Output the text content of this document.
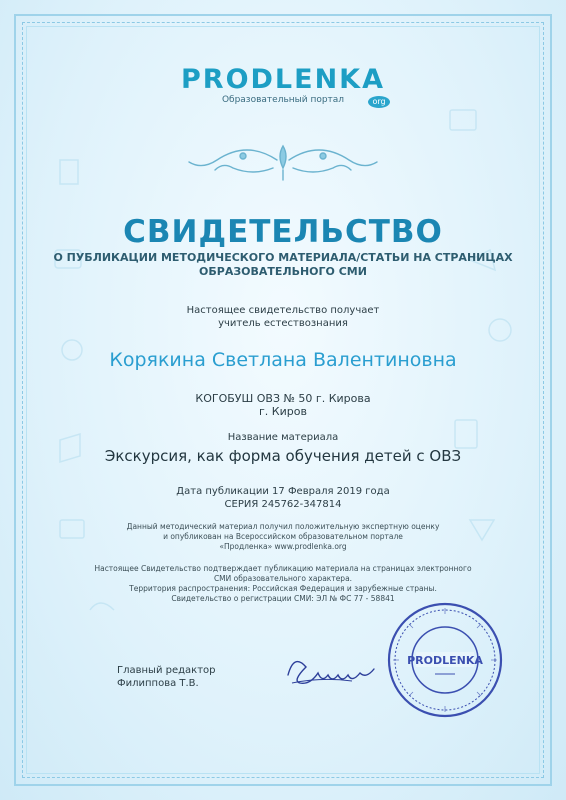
PRODLENKA
org
Образовательный портал
СВИДЕТЕЛЬСТВО
О ПУБЛИКАЦИИ МЕТОДИЧЕСКОГО МАТЕРИАЛА/СТАТЬИ НА СТРАНИЦАХ
ОБРАЗОВАТЕЛЬНОГО СМИ
Настоящее свидетельство получает
учитель естествознания
Корякина Светлана Валентиновна
КОГОБУШ ОВЗ № 50 г. Кирова
г. Киров
Название материала
Экскурсия, как форма обучения детей с ОВЗ
Дата публикации 17 Февраля 2019 года
СЕРИЯ 245762-347814
Данный методический материал получил положительную экспертную оценку
и опубликован на Всероссийском образовательном портале
«Продленка» www.prodlenka.org
Настоящее Свидетельство подтверждает публикацию материала на страницах электронного
СМИ образовательного характера.
Территория распространения: Российская Федерация и зарубежные страны.
Свидетельство о регистрации СМИ: ЭЛ № ФС 77 - 58841
Главный редактор
Филиппова Т.В.
PRODLENKA
